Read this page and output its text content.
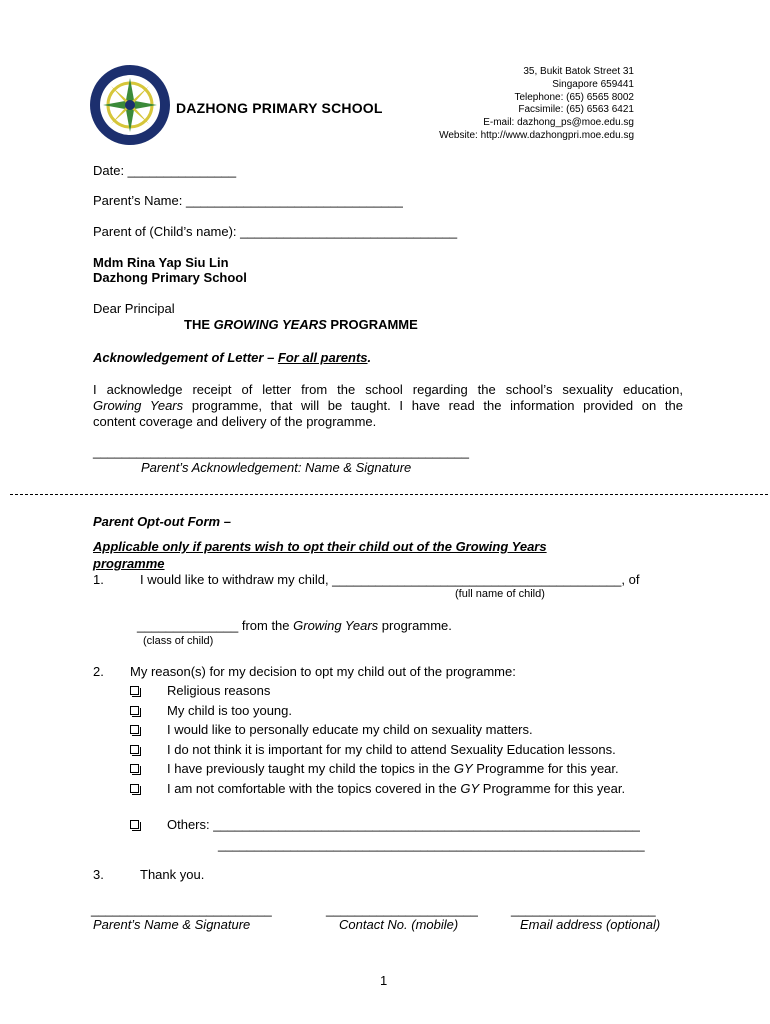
DAZHONG PRIMARY SCHOOL
35, Bukit Batok Street 31
Singapore 659441
Telephone: (65) 6565 8002
Facsimile: (65) 6563 6421
E-mail: dazhong_ps@moe.edu.sg
Website: http://www.dazhongpri.moe.edu.sg
Date: _______________
Parent’s Name: ______________________________
Parent of (Child’s name): ______________________________
Mdm Rina Yap Siu Lin
Dazhong Primary School
Dear Principal
THE GROWING YEARS PROGRAMME
Acknowledgement of Letter – For all parents.
I acknowledge receipt of letter from the school regarding the school’s sexuality education,
Growing Years programme, that will be taught. I have read the information provided on the
content coverage and delivery of the programme.
____________________________________________________
Parent’s Acknowledgement: Name & Signature
Parent Opt-out Form –
Applicable only if parents wish to opt their child out of the Growing Years
programme
1.	I would like to withdraw my child, ________________________________________, of
(full name of child)
______________ from the Growing Years programme.
(class of child)
2. My reason(s) for my decision to opt my child out of the programme:
Religious reasons
My child is too young.
I would like to personally educate my child on sexuality matters.
I do not think it is important for my child to attend Sexuality Education lessons.
I have previously taught my child the topics in the GY Programme for this year.
I am not comfortable with the topics covered in the GY Programme for this year.
Others: ___________________________________________________________
___________________________________________________________
3.	Thank you.
_________________________	_____________________	____________________
Parent’s Name & Signature	Contact No. (mobile)	Email address (optional)
1
